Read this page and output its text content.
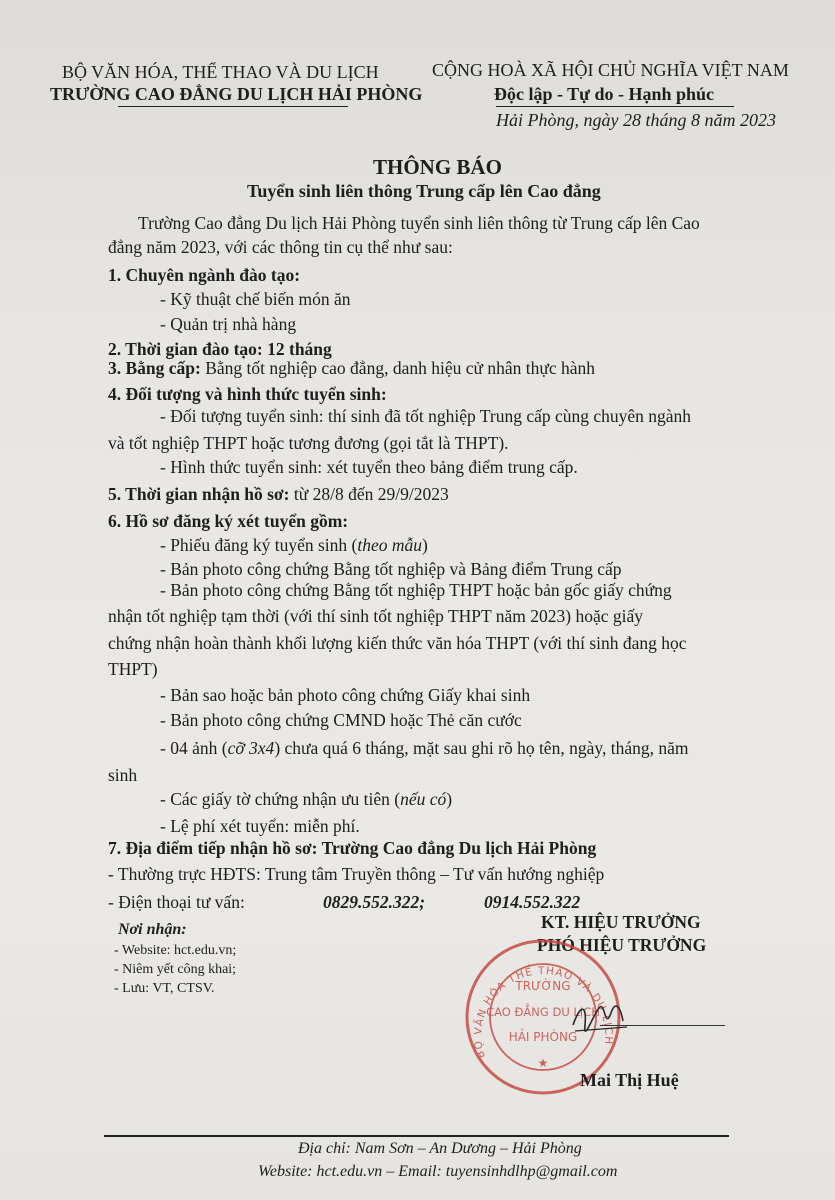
BỘ VĂN HÓA, THỂ THAO VÀ DU LỊCH
TRƯỜNG CAO ĐẲNG DU LỊCH HẢI PHÒNG
CỘNG HOÀ XÃ HỘI CHỦ NGHĨA VIỆT NAM
Độc lập - Tự do - Hạnh phúc
Hải Phòng, ngày 28 tháng 8 năm 2023
THÔNG BÁO
Tuyển sinh liên thông Trung cấp lên Cao đẳng
Trường Cao đẳng Du lịch Hải Phòng tuyển sinh liên thông từ Trung cấp lên Cao
đẳng năm 2023, với các thông tin cụ thể như sau:
1. Chuyên ngành đào tạo:
- Kỹ thuật chế biến món ăn
- Quản trị nhà hàng
2. Thời gian đào tạo: 12 tháng
3. Bằng cấp: Bằng tốt nghiệp cao đẳng, danh hiệu cử nhân thực hành
4. Đối tượng và hình thức tuyển sinh:
- Đối tượng tuyển sinh: thí sinh đã tốt nghiệp Trung cấp cùng chuyên ngành
và tốt nghiệp THPT hoặc tương đương (gọi tắt là THPT).
- Hình thức tuyển sinh: xét tuyển theo bảng điểm trung cấp.
5. Thời gian nhận hồ sơ: từ 28/8 đến 29/9/2023
6. Hồ sơ đăng ký xét tuyển gồm:
- Phiếu đăng ký tuyển sinh (theo mẫu)
- Bản photo công chứng Bằng tốt nghiệp và Bảng điểm Trung cấp
- Bản photo công chứng Bằng tốt nghiệp THPT hoặc bản gốc giấy chứng
nhận tốt nghiệp tạm thời (với thí sinh tốt nghiệp THPT năm 2023) hoặc giấy
chứng nhận hoàn thành khối lượng kiến thức văn hóa THPT (với thí sinh đang học
THPT)
- Bản sao hoặc bản photo công chứng Giấy khai sinh
- Bản photo công chứng CMND hoặc Thẻ căn cước
- 04 ảnh (cỡ 3x4) chưa quá 6 tháng, mặt sau ghi rõ họ tên, ngày, tháng, năm
sinh
- Các giấy tờ chứng nhận ưu tiên (nếu có)
- Lệ phí xét tuyển: miễn phí.
7. Địa điểm tiếp nhận hồ sơ: Trường Cao đẳng Du lịch Hải Phòng
- Thường trực HĐTS: Trung tâm Truyền thông – Tư vấn hướng nghiệp
- Điện thoại tư vấn:	0829.552.322;	0914.552.322
Nơi nhận:
- Website: hct.edu.vn;
- Niêm yết công khai;
- Lưu: VT, CTSV.
KT. HIỆU TRƯỞNG
PHÓ HIỆU TRƯỞNG
BỘ VĂN HÓA THỂ THAO VÀ DU L CH
TRƯỜNG
CAO ĐẲNG DU LỊCH
HẢI PHÒNG
★
Mai Thị Huệ
Địa chỉ: Nam Sơn – An Dương – Hải Phòng
Website: hct.edu.vn – Email: tuyensinhdlhp@gmail.com
